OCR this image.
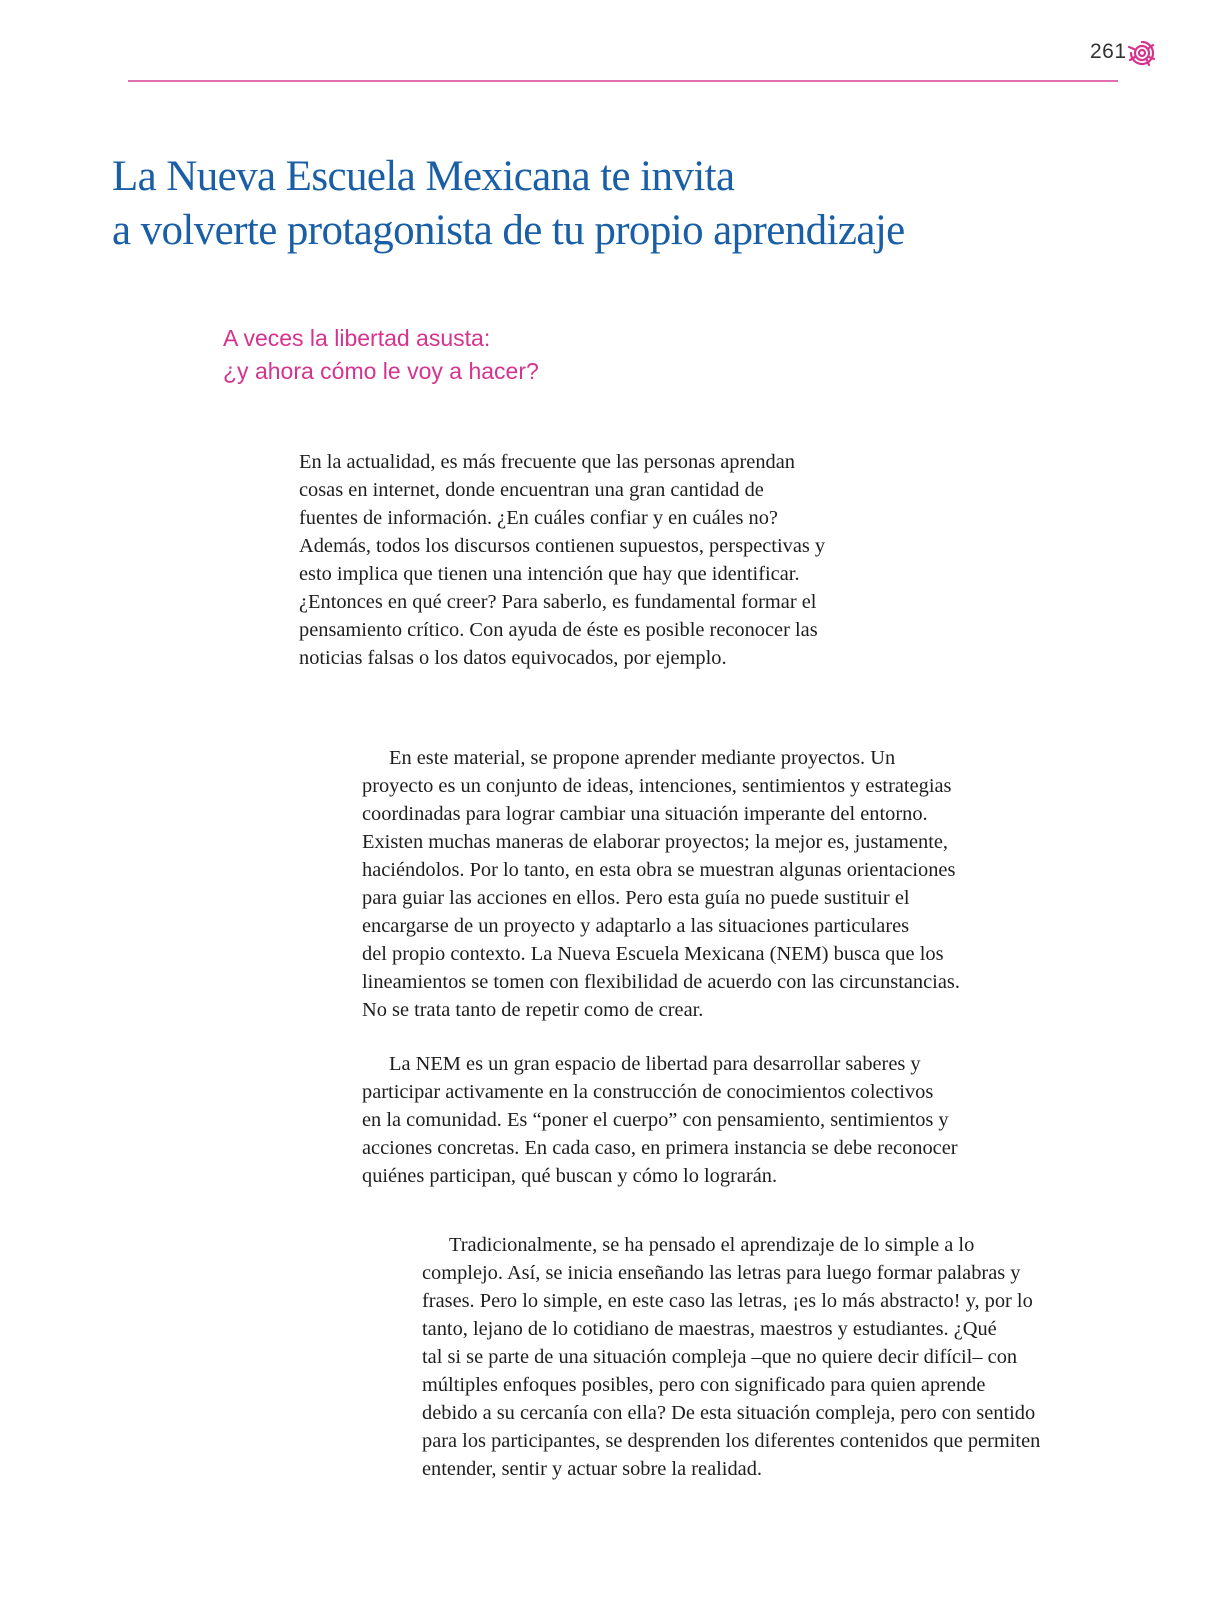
261
La Nueva Escuela Mexicana te invita
a volverte protagonista de tu propio aprendizaje
A veces la libertad asusta:
¿y ahora cómo le voy a hacer?
En la actualidad, es más frecuente que las personas aprendan
cosas en internet, donde encuentran una gran cantidad de
fuentes de información. ¿En cuáles confiar y en cuáles no?
Además, todos los discursos contienen supuestos, perspectivas y
esto implica que tienen una intención que hay que identificar.
¿Entonces en qué creer? Para saberlo, es fundamental formar el
pensamiento crítico. Con ayuda de éste es posible reconocer las
noticias falsas o los datos equivocados, por ejemplo.
En este material, se propone aprender mediante proyectos. Un
proyecto es un conjunto de ideas, intenciones, sentimientos y estrategias
coordinadas para lograr cambiar una situación imperante del entorno.
Existen muchas maneras de elaborar proyectos; la mejor es, justamente,
haciéndolos. Por lo tanto, en esta obra se muestran algunas orientaciones
para guiar las acciones en ellos. Pero esta guía no puede sustituir el
encargarse de un proyecto y adaptarlo a las situaciones particulares
del propio contexto. La Nueva Escuela Mexicana (NEM) busca que los
lineamientos se tomen con flexibilidad de acuerdo con las circunstancias.
No se trata tanto de repetir como de crear.
La NEM es un gran espacio de libertad para desarrollar saberes y
participar activamente en la construcción de conocimientos colectivos
en la comunidad. Es “poner el cuerpo” con pensamiento, sentimientos y
acciones concretas. En cada caso, en primera instancia se debe reconocer
quiénes participan, qué buscan y cómo lo lograrán.
Tradicionalmente, se ha pensado el aprendizaje de lo simple a lo
complejo. Así, se inicia enseñando las letras para luego formar palabras y
frases. Pero lo simple, en este caso las letras, ¡es lo más abstracto! y, por lo
tanto, lejano de lo cotidiano de maestras, maestros y estudiantes. ¿Qué
tal si se parte de una situación compleja –que no quiere decir difícil– con
múltiples enfoques posibles, pero con significado para quien aprende
debido a su cercanía con ella? De esta situación compleja, pero con sentido
para los participantes, se desprenden los diferentes contenidos que permiten
entender, sentir y actuar sobre la realidad.
